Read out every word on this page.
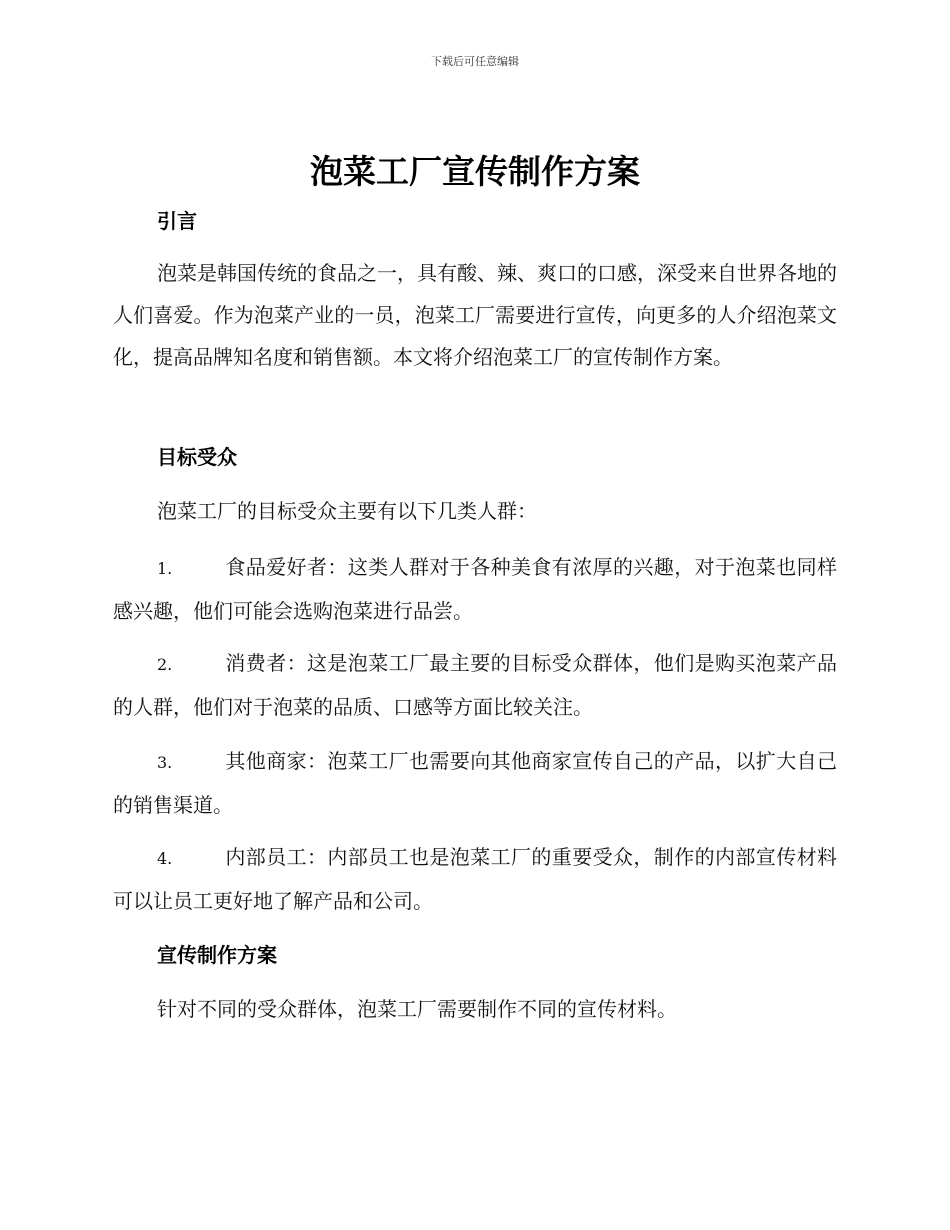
下载后可任意编辑
泡菜工厂宣传制作方案
引言

泡菜是韩国传统的食品之一，具有酸、辣、爽口的口感，深受来自世界各地的人们喜爱。作为泡菜产业的一员，泡菜工厂需要进行宣传，向更多的人介绍泡菜文化，提高品牌知名度和销售额。本文将介绍泡菜工厂的宣传制作方案。

目标受众

泡菜工厂的目标受众主要有以下几类人群：

1.	食品爱好者：这类人群对于各种美食有浓厚的兴趣，对于泡菜也同样感兴趣，他们可能会选购泡菜进行品尝。

2.	消费者：这是泡菜工厂最主要的目标受众群体，他们是购买泡菜产品的人群，他们对于泡菜的品质、口感等方面比较关注。

3.	其他商家：泡菜工厂也需要向其他商家宣传自己的产品，以扩大自己的销售渠道。

4.	内部员工：内部员工也是泡菜工厂的重要受众，制作的内部宣传材料可以让员工更好地了解产品和公司。

宣传制作方案

针对不同的受众群体，泡菜工厂需要制作不同的宣传材料。
